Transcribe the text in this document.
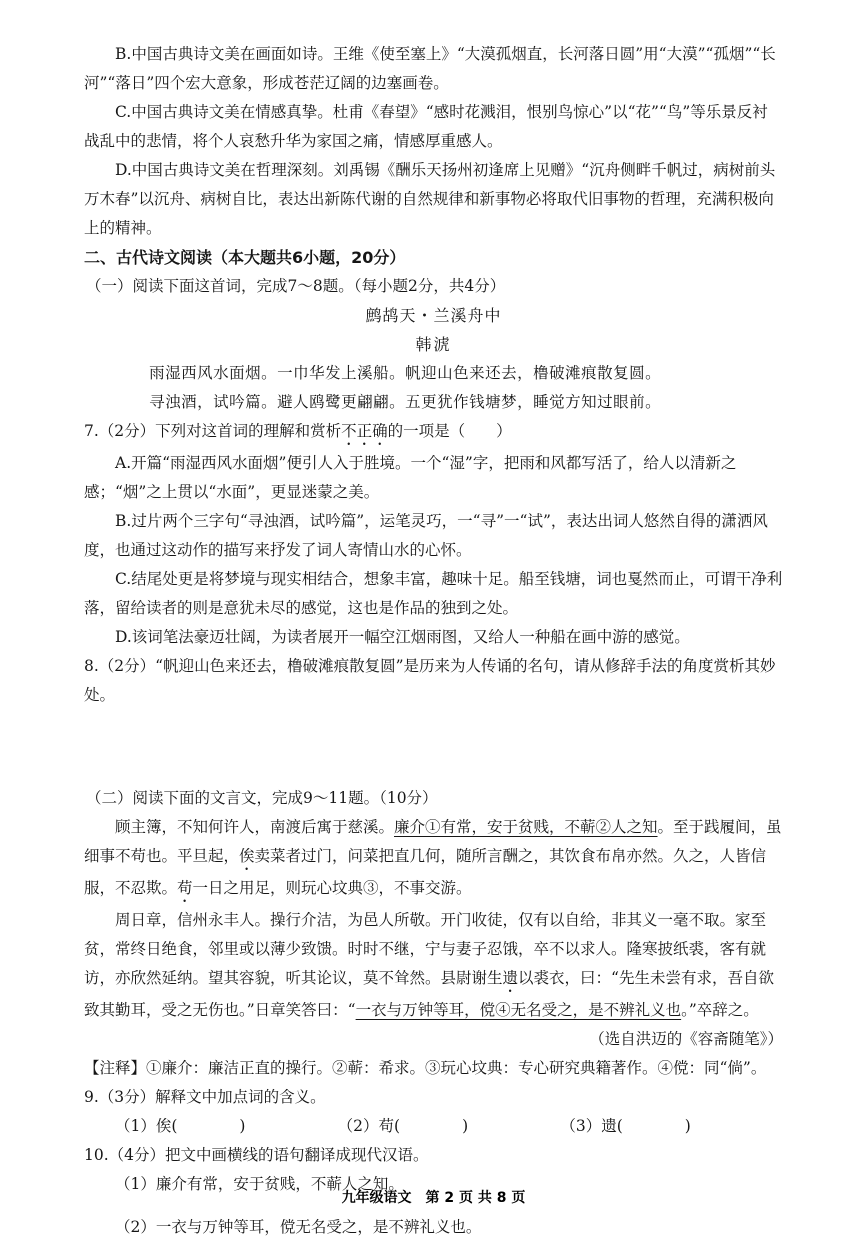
B.中国古典诗文美在画面如诗。王维《使至塞上》“大漠孤烟直，长河落日圆”用“大漠”“孤烟”“长河”“落日”四个宏大意象，形成苍茫辽阔的边塞画卷。

C.中国古典诗文美在情感真挚。杜甫《春望》“感时花溅泪，恨别鸟惊心”以“花”“鸟”等乐景反衬战乱中的悲情，将个人哀愁升华为家国之痛，情感厚重感人。

D.中国古典诗文美在哲理深刻。刘禹锡《酬乐天扬州初逢席上见赠》“沉舟侧畔千帆过，病树前头万木春”以沉舟、病树自比，表达出新陈代谢的自然规律和新事物必将取代旧事物的哲理，充满积极向上的精神。

二、古代诗文阅读（本大题共6小题，20分）

（一）阅读下面这首词，完成7～8题。（每小题2分，共4分）

鹧鸪天・兰溪舟中

韩淲

雨湿西风水面烟。一巾华发上溪船。帆迎山色来还去，橹破滩痕散复圆。

寻浊酒，试吟篇。避人鸥鹭更翩翩。五更犹作钱塘梦，睡觉方知过眼前。

7.（2分）下列对这首词的理解和赏析不正确的一项是（　　）

A.开篇“雨湿西风水面烟”便引人入于胜境。一个“湿”字，把雨和风都写活了，给人以清新之感；“烟”之上贯以“水面”，更显迷蒙之美。

B.过片两个三字句“寻浊酒，试吟篇”，运笔灵巧，一“寻”一“试”，表达出词人悠然自得的潇洒风度，也通过这动作的描写来抒发了词人寄情山水的心怀。

C.结尾处更是将梦境与现实相结合，想象丰富，趣味十足。船至钱塘，词也戛然而止，可谓干净利落，留给读者的则是意犹未尽的感觉，这也是作品的独到之处。

D.该词笔法豪迈壮阔，为读者展开一幅空江烟雨图，又给人一种船在画中游的感觉。

8.（2分）“帆迎山色来还去，橹破滩痕散复圆”是历来为人传诵的名句，请从修辞手法的角度赏析其妙处。

（二）阅读下面的文言文，完成9～11题。（10分）

顾主簿，不知何许人，南渡后寓于慈溪。廉介①有常，安于贫贱，不蕲②人之知。至于践履间，虽细事不苟也。平旦起，俟卖菜者过门，问菜把直几何，随所言酬之，其饮食布帛亦然。久之，人皆信服，不忍欺。苟一日之用足，则玩心坟典③，不事交游。

周日章，信州永丰人。操行介洁，为邑人所敬。开门收徒，仅有以自给，非其义一毫不取。家至贫，常终日绝食，邻里或以薄少致馈。时时不继，宁与妻子忍饿，卒不以求人。隆寒披纸裘，客有就访，亦欣然延纳。望其容貌，听其论议，莫不耸然。县尉谢生遗以裘衣，曰：“先生未尝有求，吾自欲致其勤耳，受之无伤也。”日章笑答曰：“一衣与万钟等耳，傥④无名受之，是不辨礼义也。”卒辞之。

（选自洪迈的《容斋随笔》）

【注释】①廉介：廉洁正直的操行。②蕲：希求。③玩心坟典：专心研究典籍著作。④傥：同“倘”。

9.（3分）解释文中加点词的含义。

（1）俟(　　　　)	（2）苟(　　　　)	（3）遗(　　　　)

10.（4分）把文中画横线的语句翻译成现代汉语。

（1）廉介有常，安于贫贱，不蕲人之知。

（2）一衣与万钟等耳，傥无名受之，是不辨礼义也。

九年级语文　第 2 页 共 8 页
